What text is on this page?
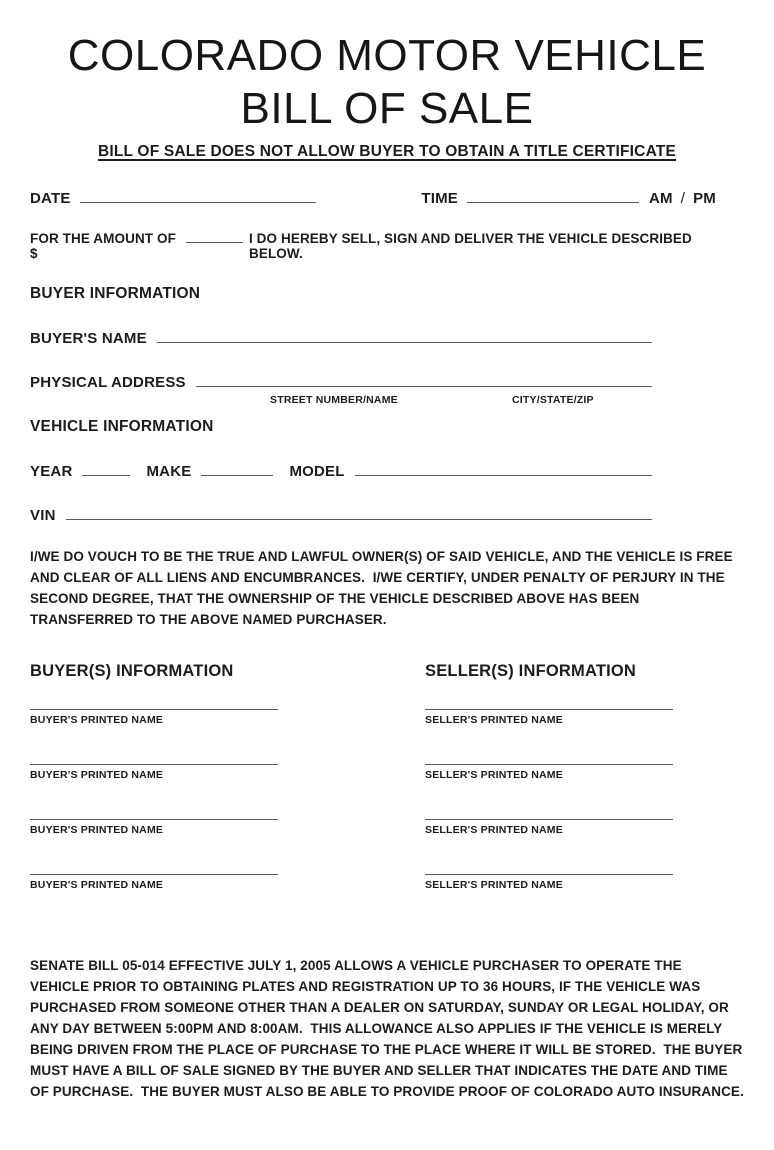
COLORADO MOTOR VEHICLE
BILL OF SALE
BILL OF SALE DOES NOT ALLOW BUYER TO OBTAIN A TITLE CERTIFICATE
DATE	TIME	AM / PM
FOR THE AMOUNT OF $
I DO HEREBY SELL, SIGN AND DELIVER THE VEHICLE DESCRIBED BELOW.
BUYER INFORMATION
BUYER'S NAME
PHYSICAL ADDRESS
STREET NUMBER/NAME	CITY/STATE/ZIP
VEHICLE INFORMATION
YEAR	MAKE	MODEL
VIN
I/WE DO VOUCH TO BE THE TRUE AND LAWFUL OWNER(S) OF SAID VEHICLE, AND THE VEHICLE IS FREE AND CLEAR OF ALL LIENS AND ENCUMBRANCES.  I/WE CERTIFY, UNDER PENALTY OF PERJURY IN THE SECOND DEGREE, THAT THE OWNERSHIP OF THE VEHICLE DESCRIBED ABOVE HAS BEEN TRANSFERRED TO THE ABOVE NAMED PURCHASER.
BUYER(S) INFORMATION	SELLER(S) INFORMATION
BUYER'S PRINTED NAME	SELLER'S PRINTED NAME
BUYER'S PRINTED NAME	SELLER'S PRINTED NAME
BUYER'S PRINTED NAME	SELLER'S PRINTED NAME
BUYER'S PRINTED NAME	SELLER'S PRINTED NAME
SENATE BILL 05-014 EFFECTIVE JULY 1, 2005 ALLOWS A VEHICLE PURCHASER TO OPERATE THE VEHICLE PRIOR TO OBTAINING PLATES AND REGISTRATION UP TO 36 HOURS, IF THE VEHICLE WAS PURCHASED FROM SOMEONE OTHER THAN A DEALER ON SATURDAY, SUNDAY OR LEGAL HOLIDAY, OR ANY DAY BETWEEN 5:00PM AND 8:00AM.  THIS ALLOWANCE ALSO APPLIES IF THE VEHICLE IS MERELY BEING DRIVEN FROM THE PLACE OF PURCHASE TO THE PLACE WHERE IT WILL BE STORED.  THE BUYER MUST HAVE A BILL OF SALE SIGNED BY THE BUYER AND SELLER THAT INDICATES THE DATE AND TIME OF PURCHASE.  THE BUYER MUST ALSO BE ABLE TO PROVIDE PROOF OF COLORADO AUTO INSURANCE.
